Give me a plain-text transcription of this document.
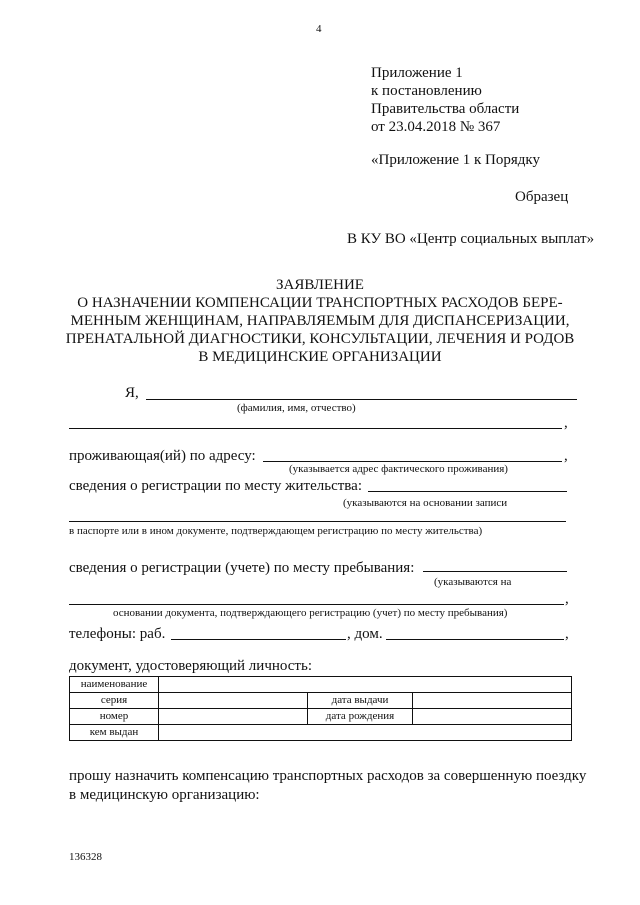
4
Приложение 1
к постановлению
Правительства области
от 23.04.2018 № 367
«Приложение 1 к Порядку
Образец
В КУ ВО «Центр социальных выплат»
ЗАЯВЛЕНИЕ
О НАЗНАЧЕНИИ КОМПЕНСАЦИИ ТРАНСПОРТНЫХ РАСХОДОВ БЕРЕ-
МЕННЫМ ЖЕНЩИНАМ, НАПРАВЛЯЕМЫМ ДЛЯ ДИСПАНСЕРИЗАЦИИ,
ПРЕНАТАЛЬНОЙ ДИАГНОСТИКИ, КОНСУЛЬТАЦИИ, ЛЕЧЕНИЯ И РОДОВ
В МЕДИЦИНСКИЕ ОРГАНИЗАЦИИ
Я,
(фамилия, имя, отчество)
,
проживающая(ий) по адресу:	,
(указывается адрес фактического проживания)
сведения о регистрации по месту жительства:
(указываются на основании записи
в паспорте или в ином документе, подтверждающем регистрацию по месту жительства)
сведения о регистрации (учете) по месту пребывания:
(указываются на
,
основании документа, подтверждающего регистрацию (учет) по месту пребывания)
телефоны: раб.	, дом.	,
документ, удостоверяющий личность:
наименование			
серия		дата выдачи	
номер		дата рождения	
кем выдан			
прошу назначить компенсацию транспортных расходов за совершенную поездку
в медицинскую организацию:
136328
